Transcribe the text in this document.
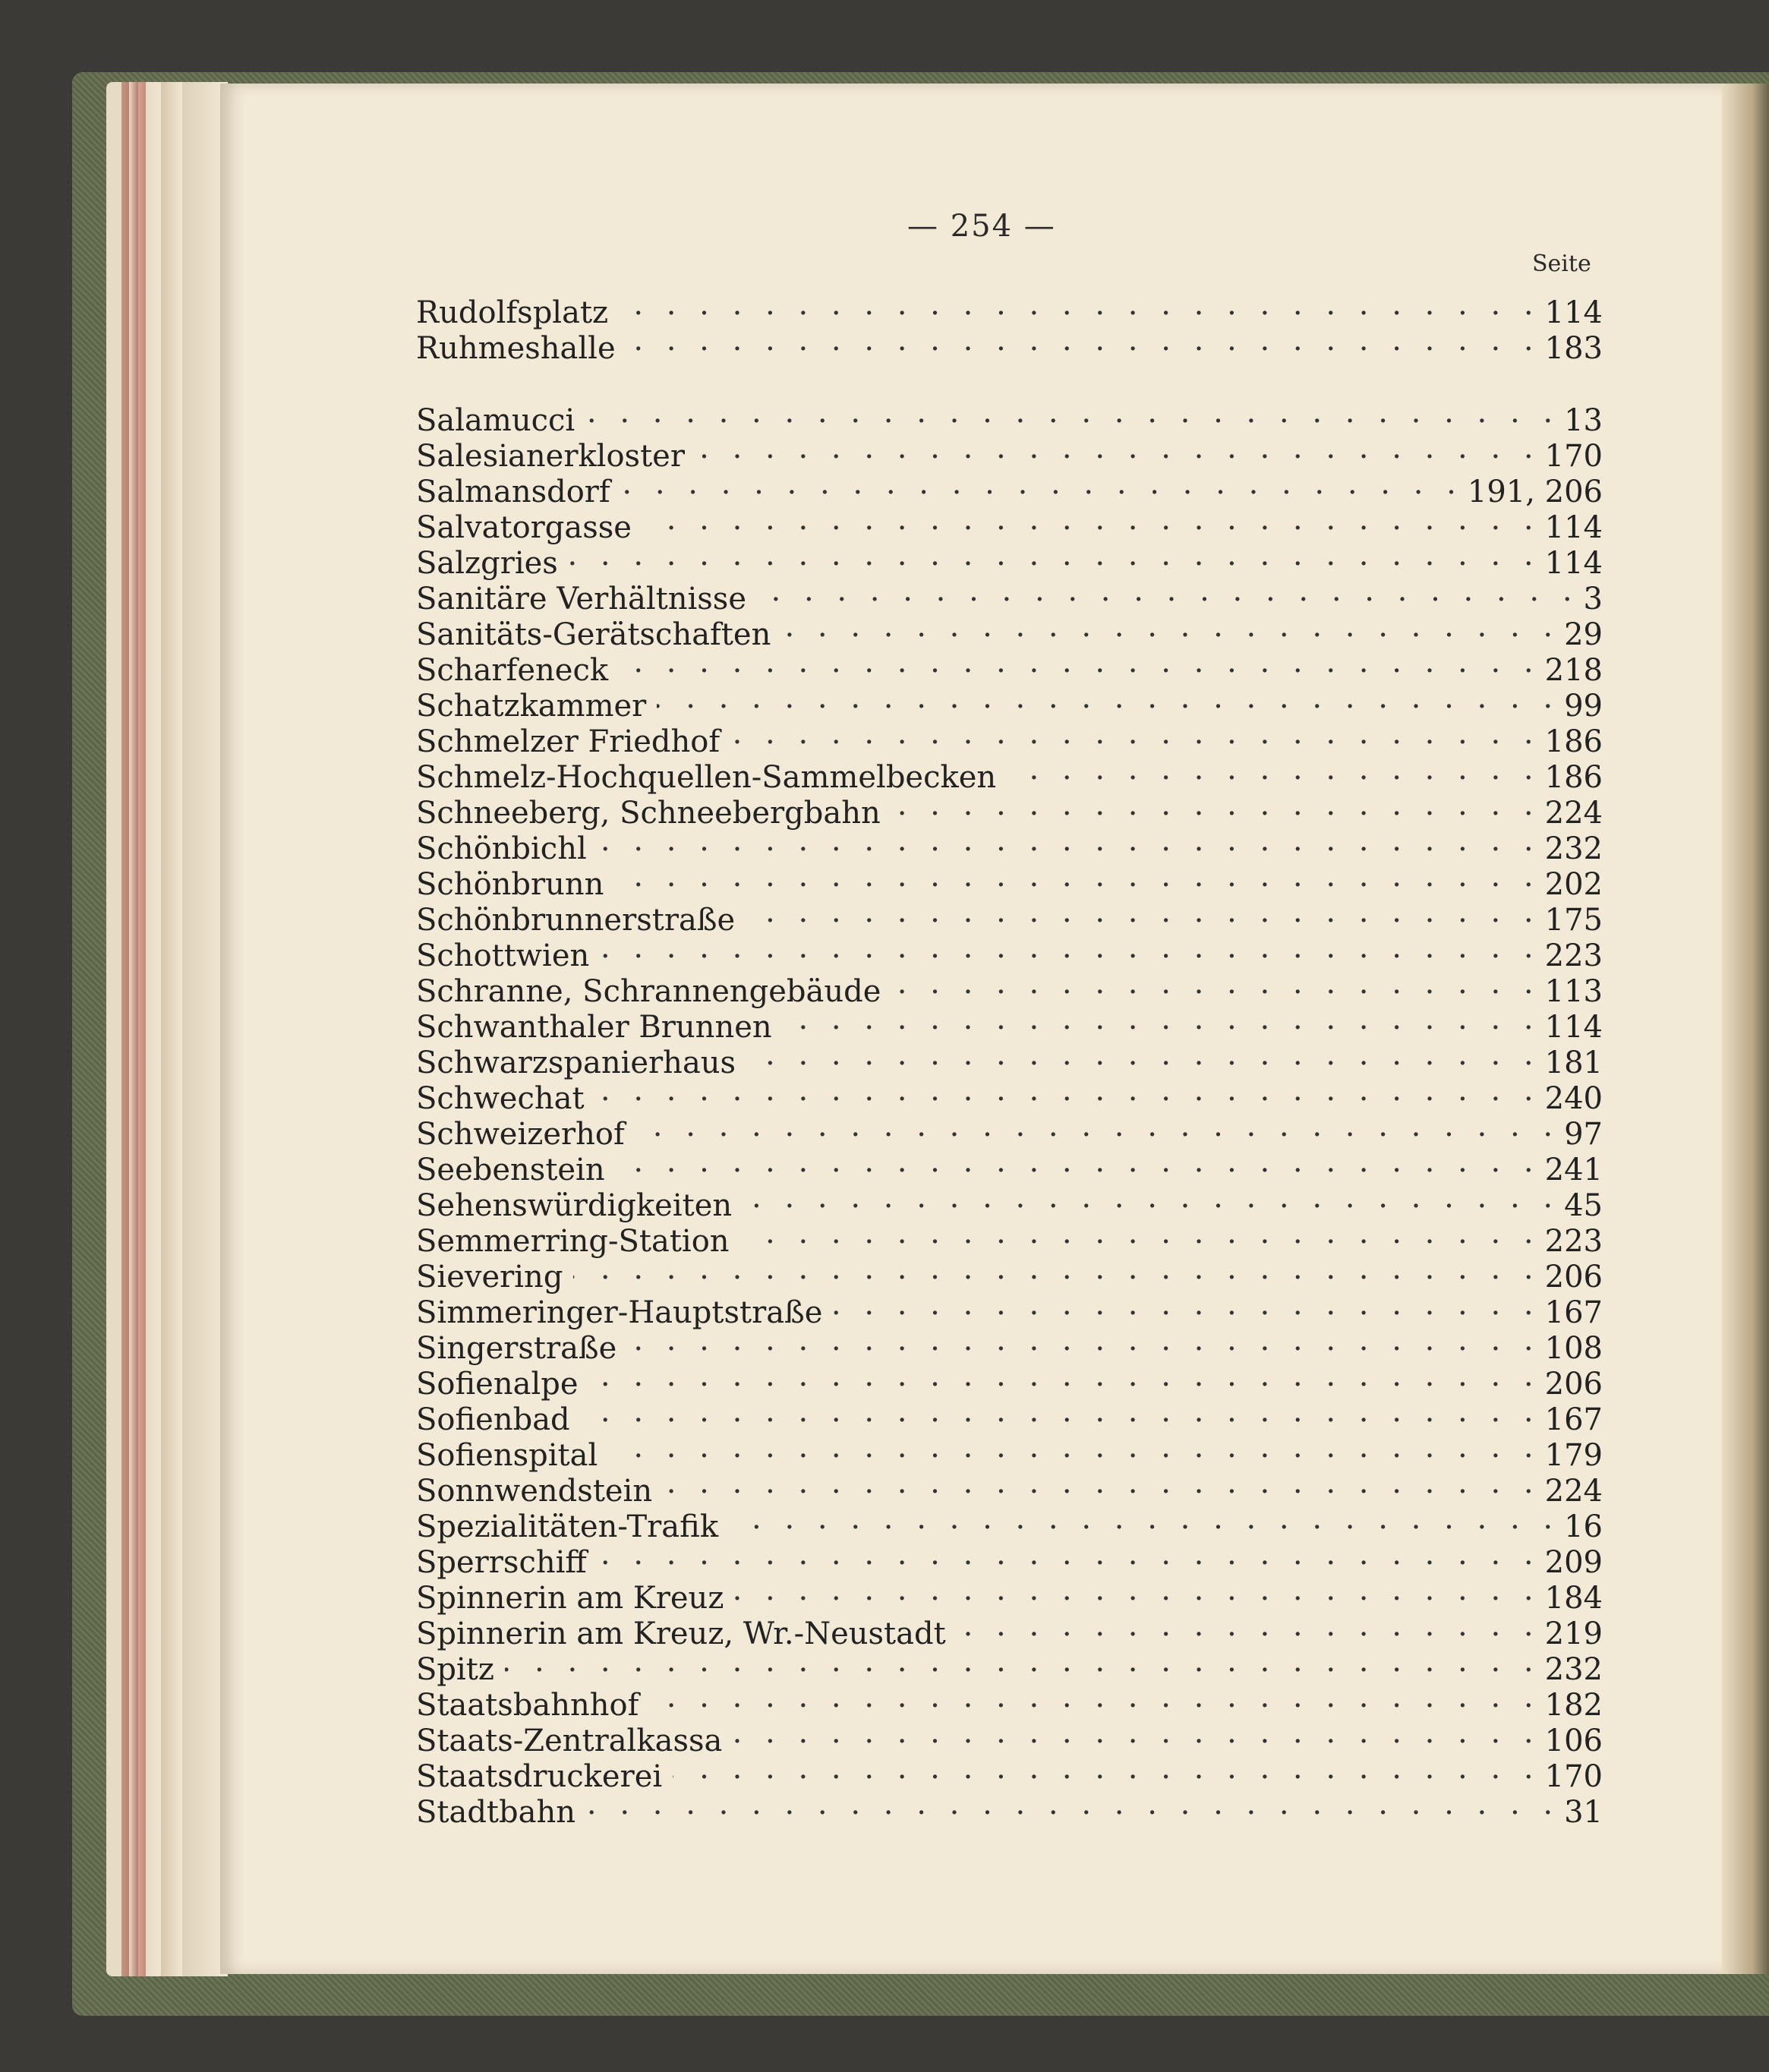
— 254 —
Seite
Rudolfsplatz . . .	114
Ruhmeshalle . . .	183
Salamucci . . .	13
Salesianerkloster . . .	170
Salmansdorf . . .	191, 206
Salvatorgasse . . .	114
Salzgries . . .	114
Sanitäre Verhältnisse . . .	3
Sanitäts-Gerätschaften . . .	29
Scharfeneck . . .	218
Schatzkammer . . .	99
Schmelzer Friedhof . . .	186
Schmelz-Hochquellen-Sammelbecken . . .	186
Schneeberg, Schneebergbahn . . .	224
Schönbichl . . .	232
Schönbrunn . . .	202
Schönbrunnerstraße . . .	175
Schottwien . . .	223
Schranne, Schrannengebäude . . .	113
Schwanthaler Brunnen . . .	114
Schwarzspanierhaus . . .	181
Schwechat . . .	240
Schweizerhof . . .	97
Seebenstein . . .	241
Sehenswürdigkeiten . . .	45
Semmerring-Station . . .	223
Sievering . . .	206
Simmeringer-Hauptstraße . . .	167
Singerstraße . . .	108
Sofienalpe . . .	206
Sofienbad . . .	167
Sofienspital . . .	179
Sonnwendstein . . .	224
Spezialitäten-Trafik . . .	16
Sperrschiff . . .	209
Spinnerin am Kreuz . . .	184
Spinnerin am Kreuz, Wr.-Neustadt . . .	219
Spitz . . .	232
Staatsbahnhof . . .	182
Staats-Zentralkassa . . .	106
Staatsdruckerei . . .	170
Stadtbahn . . .	31
